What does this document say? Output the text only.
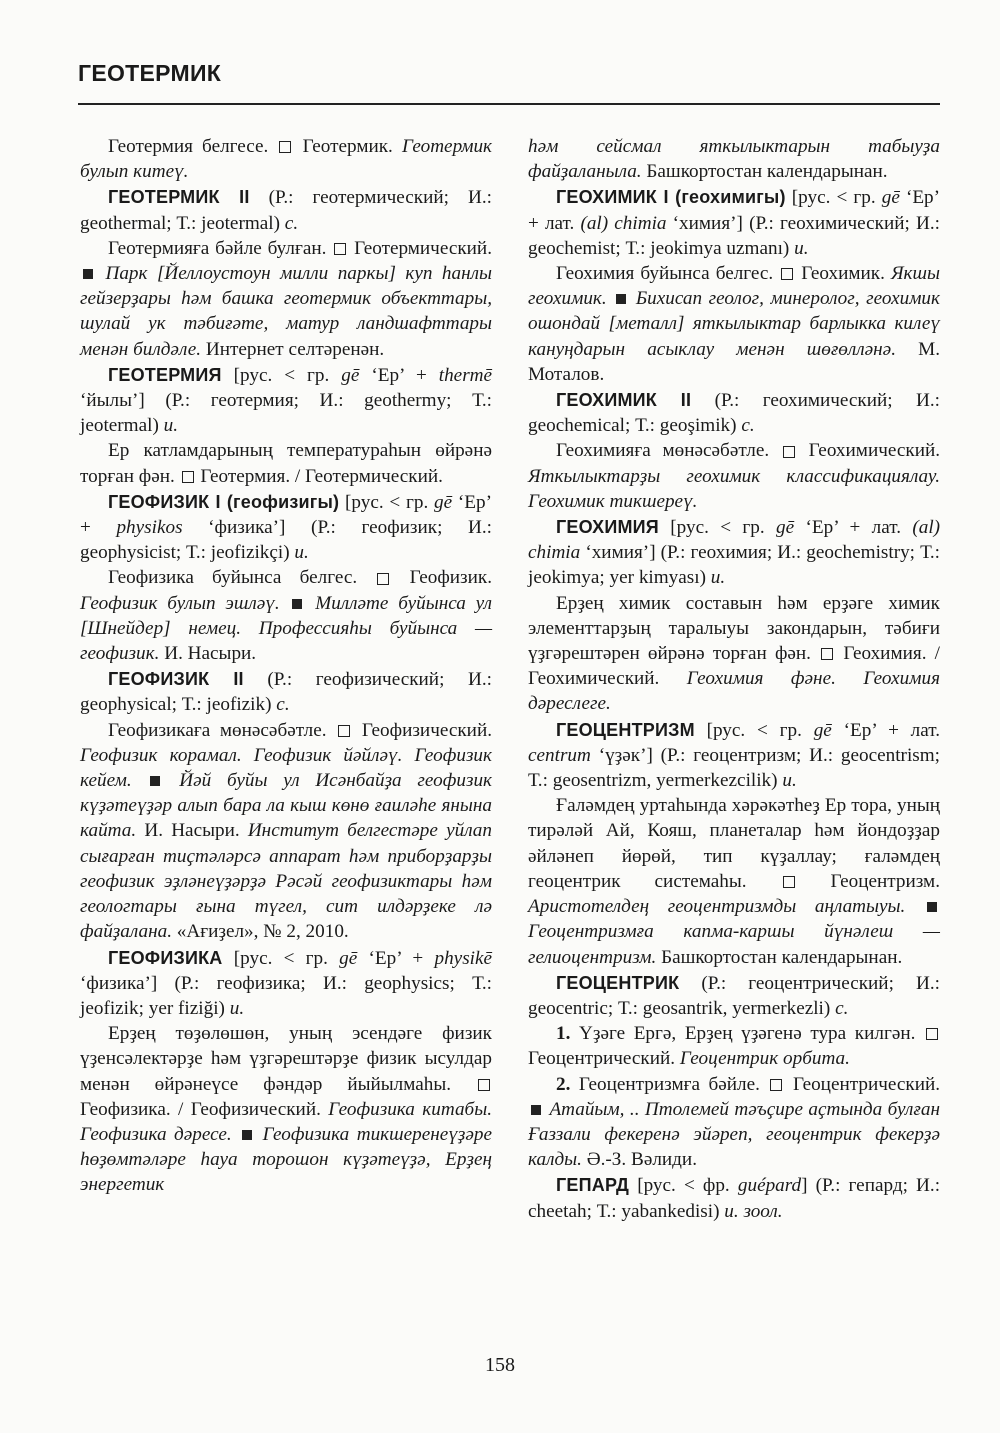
ГЕОТЕРМИК

Геотермия белгесе. Геотермик. Геотермик булып китеү.

ГЕОТЕРМИК II (Р.: геотермический; И.: geothermal; Т.: jeotermal) с.

Геотермияға бәйле булған. Геотермический.  Парк [Йеллоустоун милли паркы] куп һанлы гейзерҙары һәм башка геотермик объекттары, шулай ук тәбиғәте, матур ландшафттары менән билдәле. Интернет селтәренән.

ГЕОТЕРМИЯ [рус. < гр. gē ‘Ер’ + thermē ‘йылы’] (Р.: геотермия; И.: geothermy; Т.: jeotermal) и.

Ер катламдарының температураһын өйрәнә торған фән. Геотермия. / Геотермический.

ГЕОФИЗИК I (геофизигы) [рус. < гр. gē ‘Ер’ + physikos ‘физика’] (Р.: геофизик; И.: geophysicist; Т.: jeofizikçi) и.

Геофизика буйынса белгес.	Геофизик. Геофизик булып эшләү. Милләте буйынса ул [Шнейдер] немец. Профессияһы буйынса — геофизик. И. Насыри.

ГЕОФИЗИК II (Р.: геофизический; И.: geophysical; Т.: jeofizik) с.

Геофизикаға мөнәсәбәтле. Геофизический. Геофизик корамал. Геофизик йәйләү. Геофизик кейем. Йәй буйы ул Исәнбайҙа геофизик күҙәтеүҙәр алып бара ла кыш көнө ғаиләһе янына кайта. И. Насыри. Институт белгестәре уйлап сығарған тиҫтәләрсә аппарат һәм приборҙарҙы геофизик эҙләнеүҙәрҙә Рәсәй геофизиктары һәм геологтары ғына түгел, сит илдәрҙеке лә файҙалана. «Ағиҙел», № 2, 2010.

ГЕОФИЗИКА [рус. < гр. gē ‘Ер’ + physikē ‘физика’] (Р.: геофизика; И.: geophysics; Т.: jeofizik; yer fiziği) и.

Ерҙең төҙөлөшөн, уның эсендәге физик үҙенсәлектәрҙе һәм үҙгәрештәрҙе физик ысулдар менән өйрәнеүсе фәндәр йыйылмаһы.  Геофизика. / Геофизический. Геофизика китабы. Геофизика дәресе. Геофизика тикшеренеүҙәре һөҙөмтәләре һауа торошон күҙәтеүҙә, Ерҙең энергетик

һәм сейсмал яткылыктарын табыуҙа файҙаланыла. Башкортостан календарынан.

ГЕОХИМИК I (геохимигы) [рус. < гр. gē ‘Ер’ + лат. (al) chimia ‘химия’] (Р.: геохимический; И.: geochemist; Т.: jeokimya uzmanı) и.

Геохимия буйынса белгес. Геохимик. Якшы геохимик. Бихисап геолог, минеролог, геохимик ошондай [металл] яткылыктар барлыкка килеү кануңдарын асыклау менән шөғөлләнә. М. Моталов.

ГЕОХИМИК II (Р.: геохимический; И.: geochemical; Т.: geoşimik) с.

Геохимияға мөнәсәбәтле. Геохимический. Яткылыктарҙы геохимик классификациялау. Геохимик тикшереү.

ГЕОХИМИЯ [рус. < гр. gē ‘Ер’ + лат. (al) chimia ‘химия’] (Р.: геохимия; И.: geochemistry; Т.: jeokimya; yer kimyası) и.

Ерҙең химик составын һәм ерҙәге химик элементтарҙың таралыуы закондарын, тәбиғи үҙгәрештәрен өйрәнә торған фән. Геохимия. / Геохимический. Геохимия фәне. Геохимия дәреслеге.

ГЕОЦЕНТРИЗМ [рус. < гр. gē ‘Ер’ + лат. centrum ‘үҙәк’] (Р.: геоцентризм; И.: geocentrism; Т.: geosentrizm, yermerkezcilik) и.

Ғаләмдең уртаһында хәрәкәтһеҙ Ер тора, уның тирәләй Ай, Кояш, планеталар һәм йондоҙҙар әйләнеп йөрөй, тип күҙаллау; ғаләмдең геоцентрик системаһы.	Геоцентризм. Аристотелдең геоцентризмды аңлатыуы.  Геоцентризмға капма-каршы йүнәлеш — гелиоцентризм. Башкортостан календарынан.

ГЕОЦЕНТРИК (Р.: геоцентрический; И.: geocentric; Т.: geosantrik, yermerkezli) с.

1. Үҙәге Ергә, Ерҙең үҙәгенә тура килгән.  Геоцентрический. Геоцентрик орбита.

2. Геоцентризмға бәйле. Геоцентрический.  Атайым, .. Птолемей тәъҫире аҫтында булған Ғаззали фекеренә эйәреп, геоцентрик фекерҙә калды. Ә.-З. Вәлиди.

ГЕПАРД [рус. < фр. guépard] (Р.: гепард; И.: cheetah; Т.: yabankedisi) и. зоол.

158
